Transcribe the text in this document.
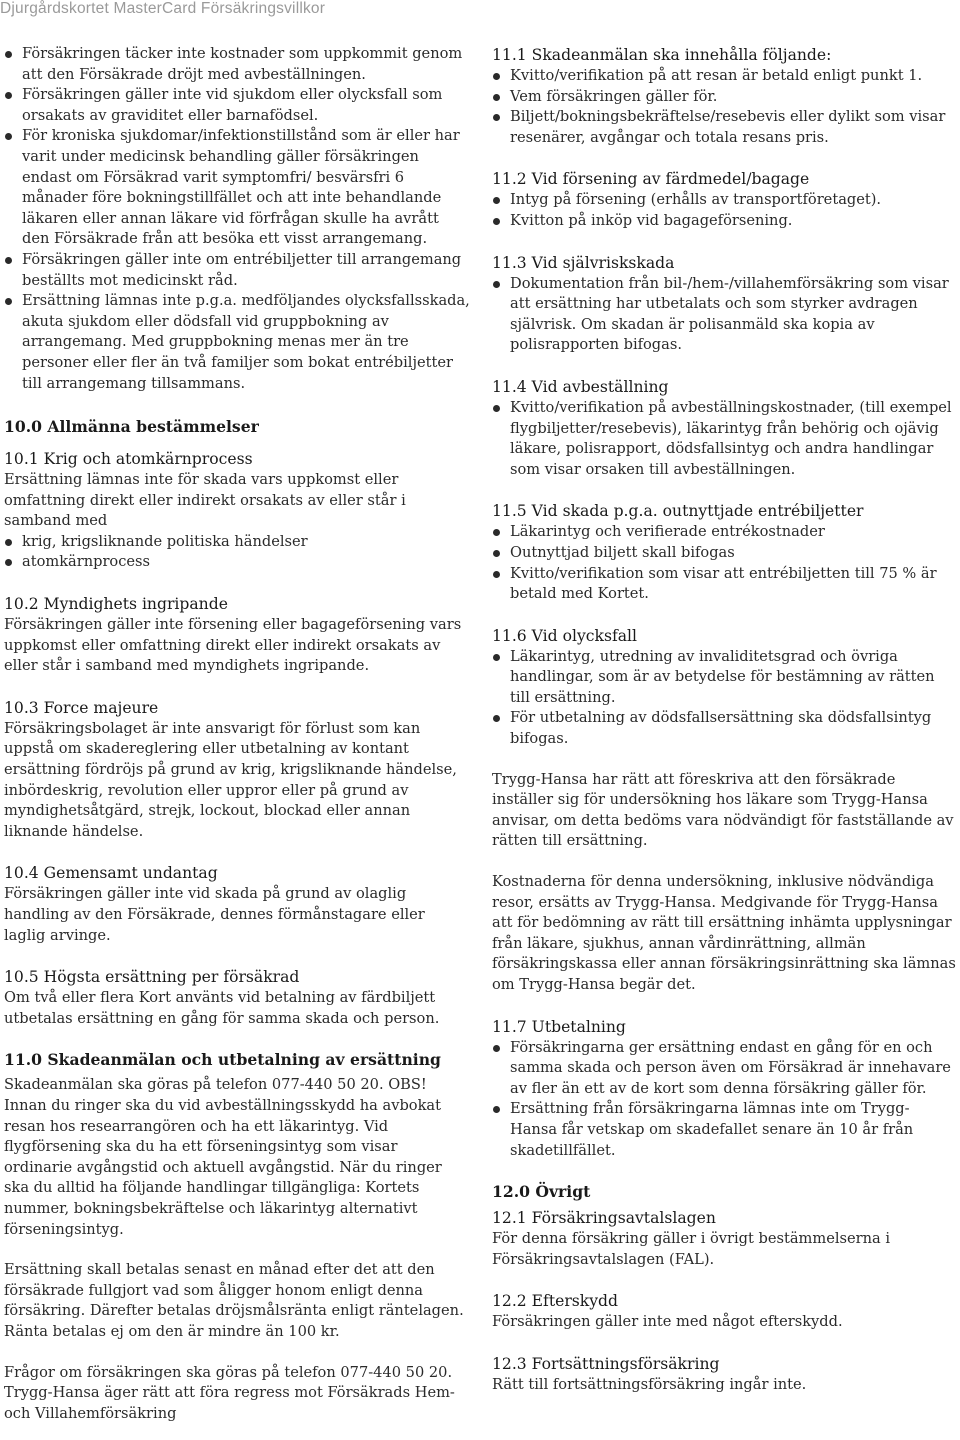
Djurgårdskortet MasterCard Försäkringsvillkor
Försäkringen täcker inte kostnader som uppkommit genom att den Försäkrade dröjt med avbeställningen.
Försäkringen gäller inte vid sjukdom eller olycksfall som orsakats av graviditet eller barnafödsel.
För kroniska sjukdomar/infektionstillstånd som är eller har varit under medicinsk behandling gäller försäkringen endast om Försäkrad varit symptomfri/ besvärsfri 6 månader före bokningstillfället och att inte behandlande läkaren eller annan läkare vid förfrågan skulle ha avrått den Försäkrade från att besöka ett visst arrangemang.
Försäkringen gäller inte om entrébiljetter till arrangemang beställts mot medicinskt råd.
Ersättning lämnas inte p.g.a. medföljandes olycksfallsskada, akuta sjukdom eller dödsfall vid gruppbokning av arrangemang. Med gruppbokning menas mer än tre personer eller fler än två familjer som bokat entrébiljetter till arrangemang tillsammans.
10.0 Allmänna bestämmelser
10.1 Krig och atomkärnprocess

Ersättning lämnas inte för skada vars uppkomst eller omfattning direkt eller indirekt orsakats av eller står i samband med

krig, krigsliknande politiska händelser
atomkärnprocess
10.2 Myndighets ingripande

Försäkringen gäller inte försening eller bagageförsening vars uppkomst eller omfattning direkt eller indirekt orsakats av eller står i samband med myndighets ingripande.

10.3 Force majeure

Försäkringsbolaget är inte ansvarigt för förlust som kan uppstå om skadereglering eller utbetalning av kontant ersättning fördröjs på grund av krig, krigsliknande händelse, inbördeskrig, revolution eller uppror eller på grund av myndighetsåtgärd, strejk, lockout, blockad eller annan liknande händelse.

10.4 Gemensamt undantag

Försäkringen gäller inte vid skada på grund av olaglig handling av den Försäkrade, dennes förmånstagare eller laglig arvinge.

10.5 Högsta ersättning per försäkrad

Om två eller flera Kort använts vid betalning av färdbiljett utbetalas ersättning en gång för samma skada och person.

11.0 Skadeanmälan och utbetalning av ersättning

Skadeanmälan ska göras på telefon 077-440 50 20. OBS! Innan du ringer ska du vid avbeställningsskydd ha avbokat resan hos researrangören och ha ett läkarintyg. Vid flygförsening ska du ha ett förseningsintyg som visar ordinarie avgångstid och aktuell avgångstid. När du ringer ska du alltid ha följande handlingar tillgängliga: Kortets nummer, bokningsbekräftelse och läkarintyg alternativt förseningsintyg.

Ersättning skall betalas senast en månad efter det att den försäkrade fullgjort vad som åligger honom enligt denna försäkring. Därefter betalas dröjsmålsränta enligt räntelagen. Ränta betalas ej om den är mindre än 100 kr.

Frågor om försäkringen ska göras på telefon 077-440 50 20. Trygg-Hansa äger rätt att föra regress mot Försäkrads Hem- och Villahemförsäkring

11.1 Skadeanmälan ska innehålla följande:
Kvitto/verifikation på att resan är betald enligt punkt 1.
Vem försäkringen gäller för.
Biljett/bokningsbekräftelse/resebevis eller dylikt som visar resenärer, avgångar och totala resans pris.
11.2 Vid försening av färdmedel/bagage
Intyg på försening (erhålls av transportföretaget).
Kvitton på inköp vid bagageförsening.
11.3 Vid självriskskada
Dokumentation från bil-/hem-/villahemförsäkring som visar att ersättning har utbetalats och som styrker avdragen självrisk. Om skadan är polisanmäld ska kopia av polisrapporten bifogas.
11.4 Vid avbeställning
Kvitto/verifikation på avbeställningskostnader, (till exempel flygbiljetter/resebevis), läkarintyg från behörig och ojävig läkare, polisrapport, dödsfallsintyg och andra handlingar som visar orsaken till avbeställningen.
11.5 Vid skada p.g.a. outnyttjade entrébiljetter
Läkarintyg och verifierade entrékostnader
Outnyttjad biljett skall bifogas
Kvitto/verifikation som visar att entrébiljetten till 75 % är betald med Kortet.
11.6 Vid olycksfall
Läkarintyg, utredning av invaliditetsgrad och övriga handlingar, som är av betydelse för bestämning av rätten till ersättning.
För utbetalning av dödsfallsersättning ska dödsfallsintyg bifogas.

Trygg-Hansa har rätt att föreskriva att den försäkrade inställer sig för undersökning hos läkare som Trygg-Hansa anvisar, om detta bedöms vara nödvändigt för fastställande av rätten till ersättning.

Kostnaderna för denna undersökning, inklusive nödvändiga resor, ersätts av Trygg-Hansa. Medgivande för Trygg-Hansa att för bedömning av rätt till ersättning inhämta upplysningar från läkare, sjukhus, annan vårdinrättning, allmän försäkringskassa eller annan försäkringsinrättning ska lämnas om Trygg-Hansa begär det.

11.7 Utbetalning
Försäkringarna ger ersättning endast en gång för en och samma skada och person även om Försäkrad är innehavare av fler än ett av de kort som denna försäkring gäller för.
Ersättning från försäkringarna lämnas inte om Trygg-Hansa får vetskap om skadefallet senare än 10 år från skadetillfället.
12.0 Övrigt
12.1 Försäkringsavtalslagen

För denna försäkring gäller i övrigt bestämmelserna i Försäkringsavtalslagen (FAL).

12.2 Efterskydd

Försäkringen gäller inte med något efterskydd.

12.3 Fortsättningsförsäkring

Rätt till fortsättningsförsäkring ingår inte.
